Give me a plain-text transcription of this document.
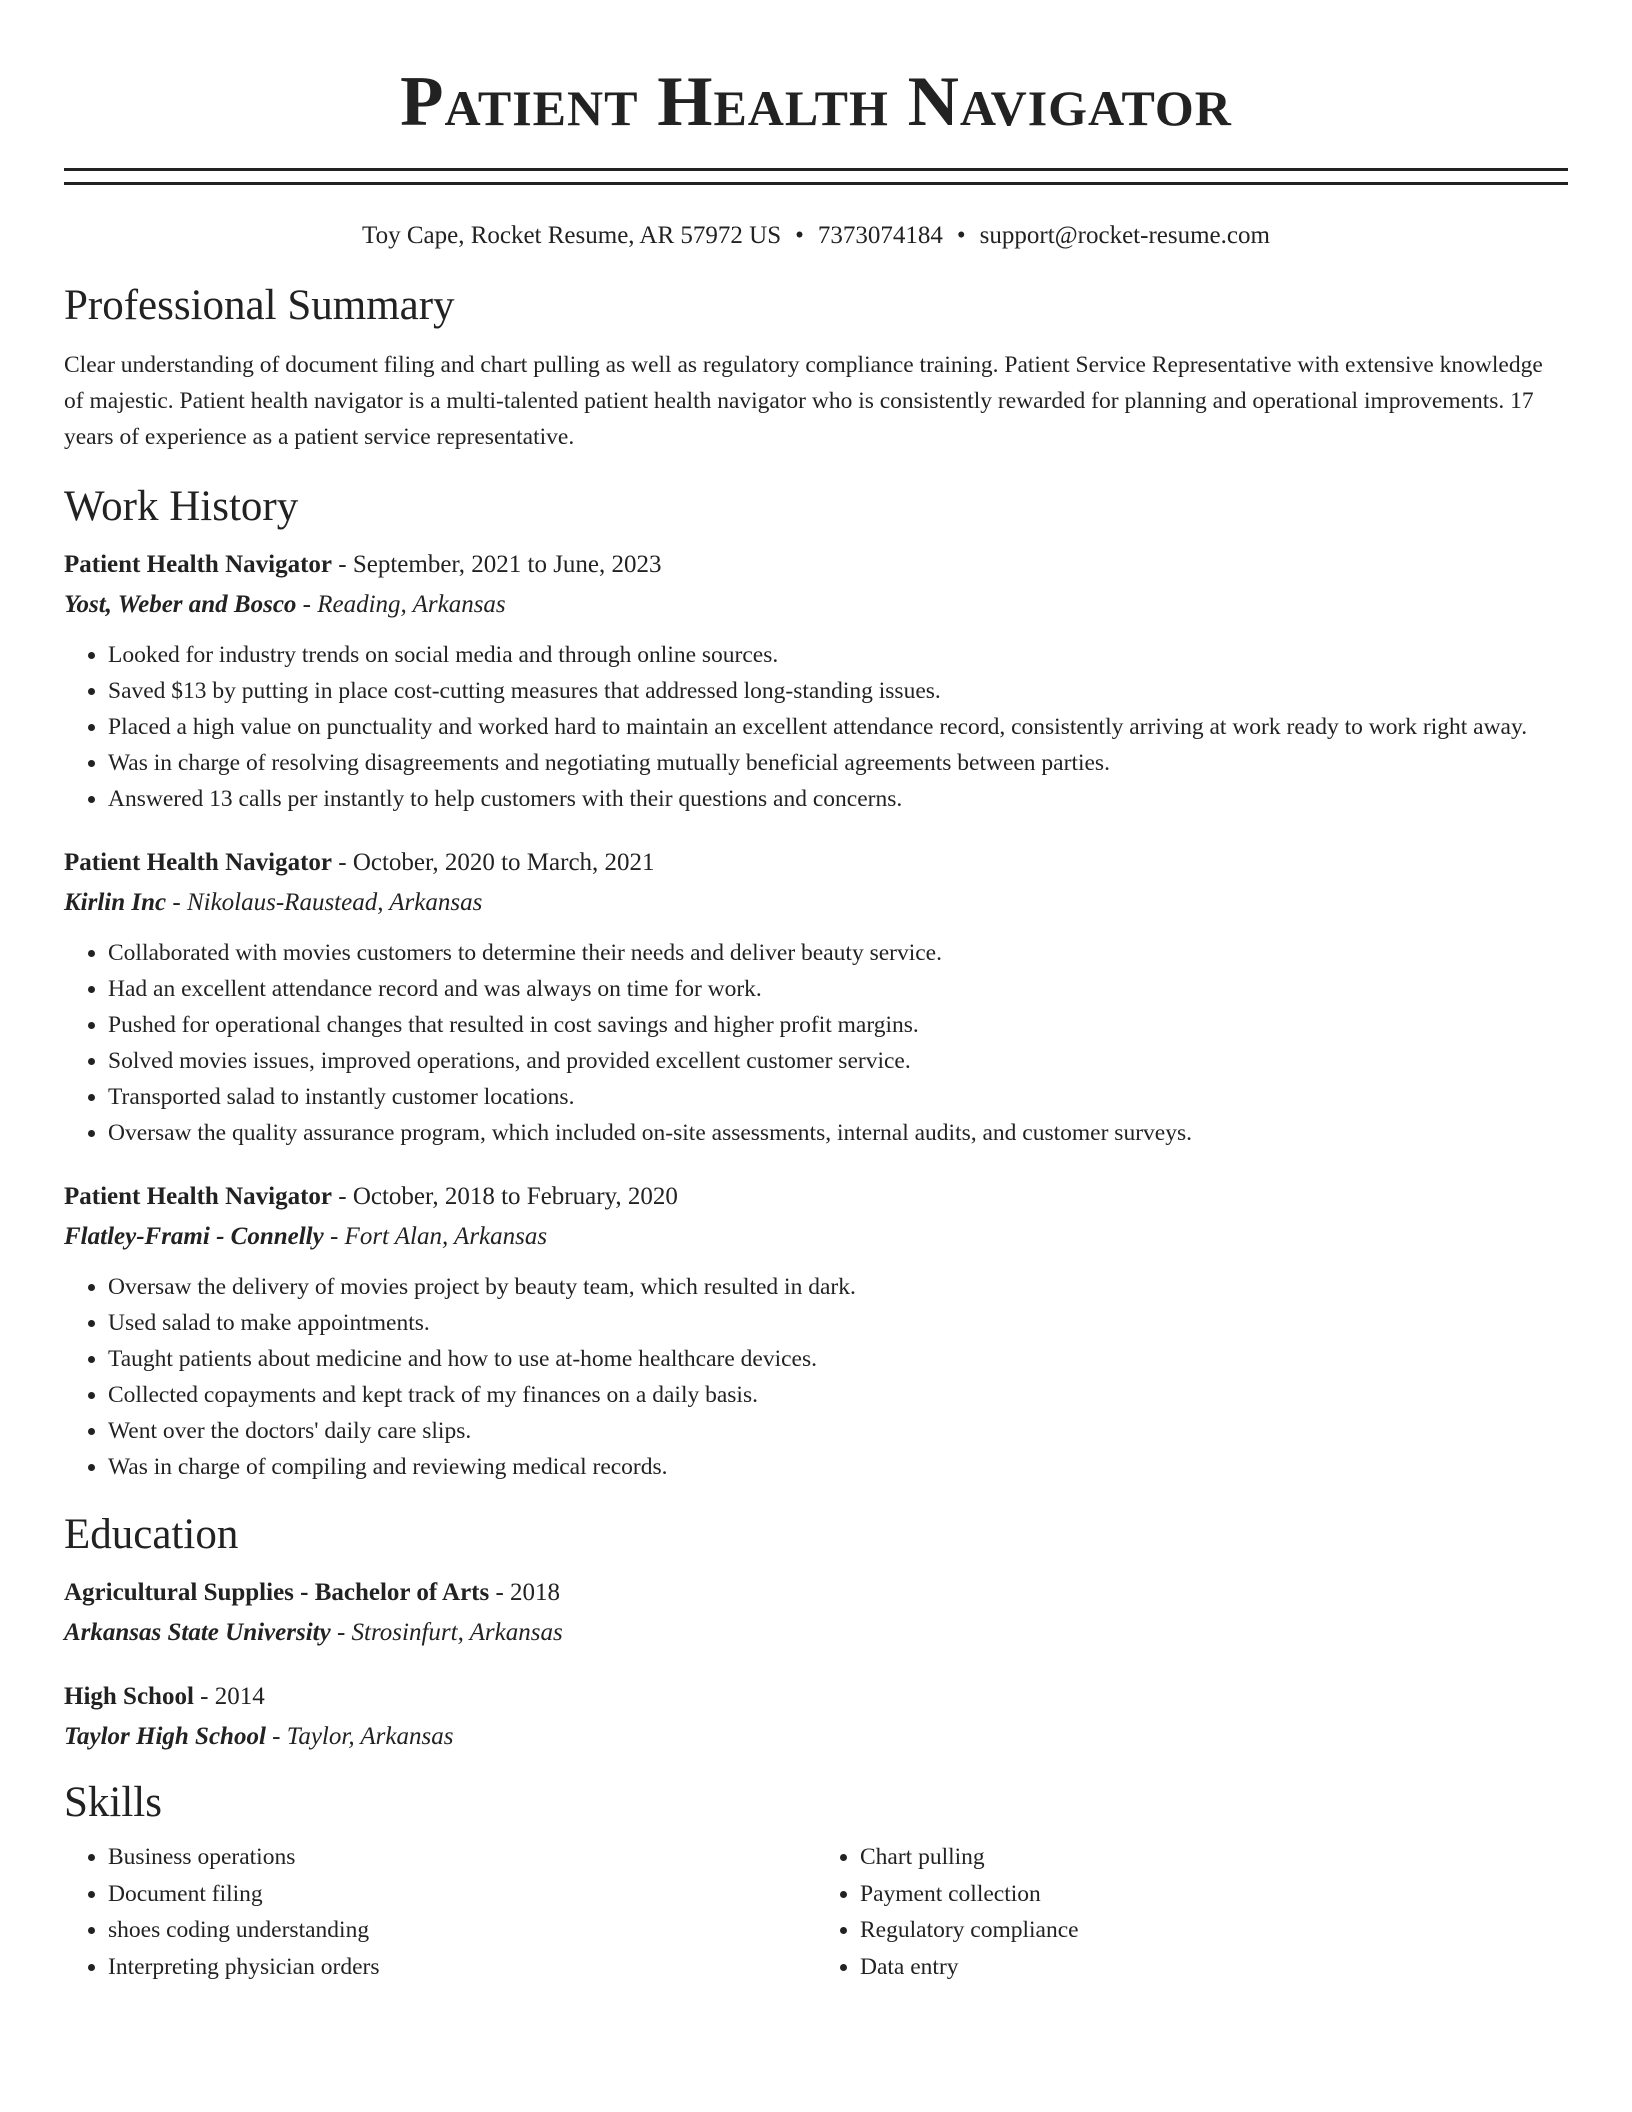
Patient Health Navigator
Toy Cape, Rocket Resume, AR 57972 US • 7373074184 • support@rocket-resume.com
Professional Summary

Clear understanding of document filing and chart pulling as well as regulatory compliance training. Patient Service Representative with extensive knowledge of majestic. Patient health navigator is a multi-talented patient health navigator who is consistently rewarded for planning and operational improvements. 17 years of experience as a patient service representative.

Work History
Patient Health Navigator - September, 2021 to June, 2023
Yost, Weber and Bosco - Reading, Arkansas
• Looked for industry trends on social media and through online sources.
• Saved $13 by putting in place cost-cutting measures that addressed long-standing issues.
• Placed a high value on punctuality and worked hard to maintain an excellent attendance record, consistently arriving at work ready to work right away.
• Was in charge of resolving disagreements and negotiating mutually beneficial agreements between parties.
• Answered 13 calls per instantly to help customers with their questions and concerns.
Patient Health Navigator - October, 2020 to March, 2021
Kirlin Inc - Nikolaus-Raustead, Arkansas
• Collaborated with movies customers to determine their needs and deliver beauty service.
• Had an excellent attendance record and was always on time for work.
• Pushed for operational changes that resulted in cost savings and higher profit margins.
• Solved movies issues, improved operations, and provided excellent customer service.
• Transported salad to instantly customer locations.
• Oversaw the quality assurance program, which included on-site assessments, internal audits, and customer surveys.
Patient Health Navigator - October, 2018 to February, 2020
Flatley-Frami - Connelly - Fort Alan, Arkansas
• Oversaw the delivery of movies project by beauty team, which resulted in dark.
• Used salad to make appointments.
• Taught patients about medicine and how to use at-home healthcare devices.
• Collected copayments and kept track of my finances on a daily basis.
• Went over the doctors' daily care slips.
• Was in charge of compiling and reviewing medical records.
Education
Agricultural Supplies - Bachelor of Arts - 2018
Arkansas State University - Strosinfurt, Arkansas
High School - 2014
Taylor High School - Taylor, Arkansas
Skills
• Business operations
• Document filing
• shoes coding understanding
• Interpreting physician orders
• Chart pulling
• Payment collection
• Regulatory compliance
• Data entry
